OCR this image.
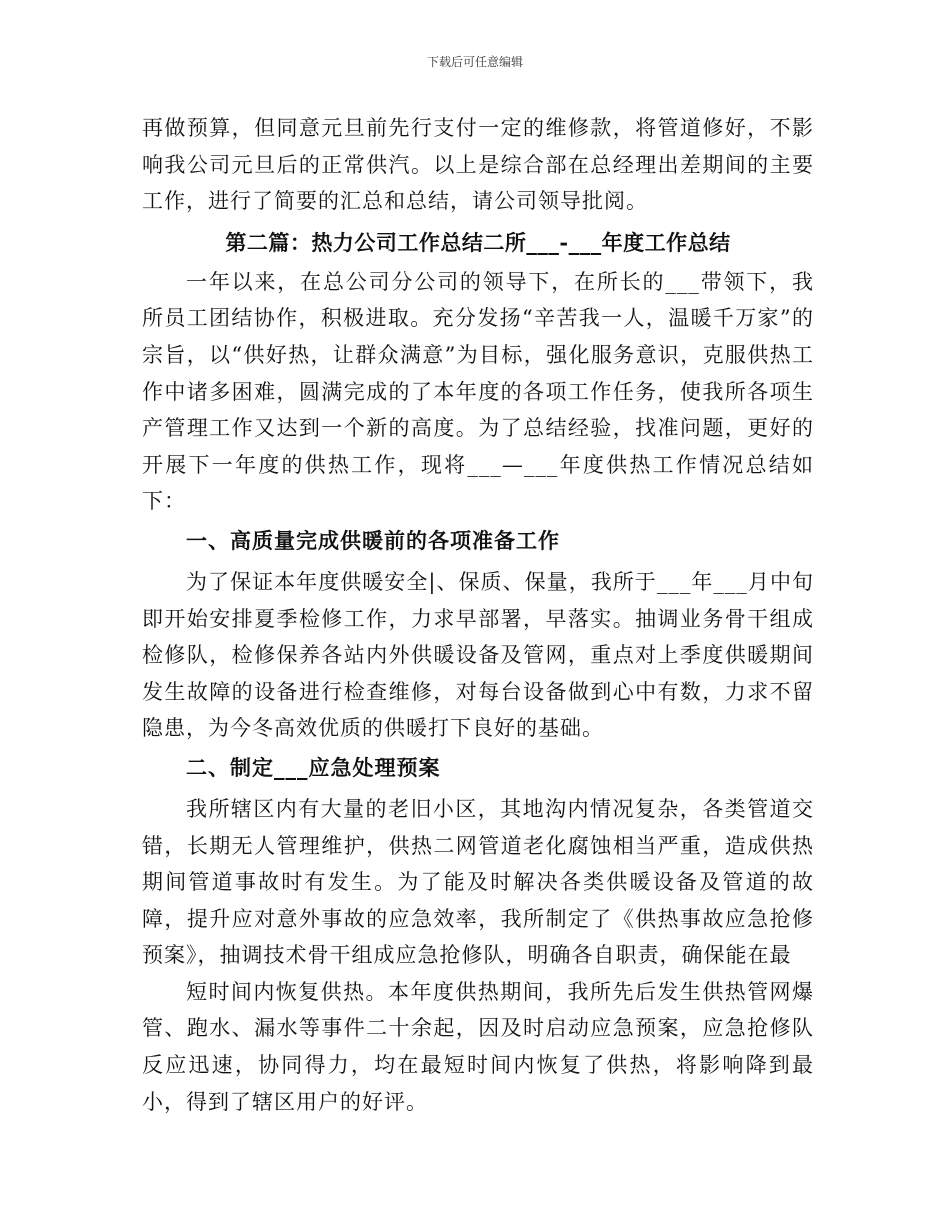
下载后可任意编辑

再做预算，但同意元旦前先行支付一定的维修款，将管道修好，不影响我公司元旦后的正常供汽。以上是综合部在总经理出差期间的主要工作，进行了简要的汇总和总结，请公司领导批阅。

第二篇：热力公司工作总结二所___-___年度工作总结

一年以来，在总公司分公司的领导下，在所长的___带领下，我所员工团结协作，积极进取。充分发扬“辛苦我一人，温暖千万家”的宗旨，以“供好热，让群众满意”为目标，强化服务意识，克服供热工作中诸多困难，圆满完成的了本年度的各项工作任务，使我所各项生产管理工作又达到一个新的高度。为了总结经验，找准问题，更好的开展下一年度的供热工作，现将___—___年度供热工作情况总结如下：

一、高质量完成供暖前的各项准备工作

为了保证本年度供暖安全|、保质、保量，我所于___年___月中旬即开始安排夏季检修工作，力求早部署，早落实。抽调业务骨干组成检修队，检修保养各站内外供暖设备及管网，重点对上季度供暖期间发生故障的设备进行检查维修，对每台设备做到心中有数，力求不留隐患，为今冬高效优质的供暖打下良好的基础。

二、制定___应急处理预案

我所辖区内有大量的老旧小区，其地沟内情况复杂，各类管道交错，长期无人管理维护，供热二网管道老化腐蚀相当严重，造成供热期间管道事故时有发生。为了能及时解决各类供暖设备及管道的故障，提升应对意外事故的应急效率，我所制定了《供热事故应急抢修预案》，抽调技术骨干组成应急抢修队，明确各自职责，确保能在最

短时间内恢复供热。本年度供热期间，我所先后发生供热管网爆管、跑水、漏水等事件二十余起，因及时启动应急预案，应急抢修队反应迅速，协同得力，均在最短时间内恢复了供热，将影响降到最小，得到了辖区用户的好评。
